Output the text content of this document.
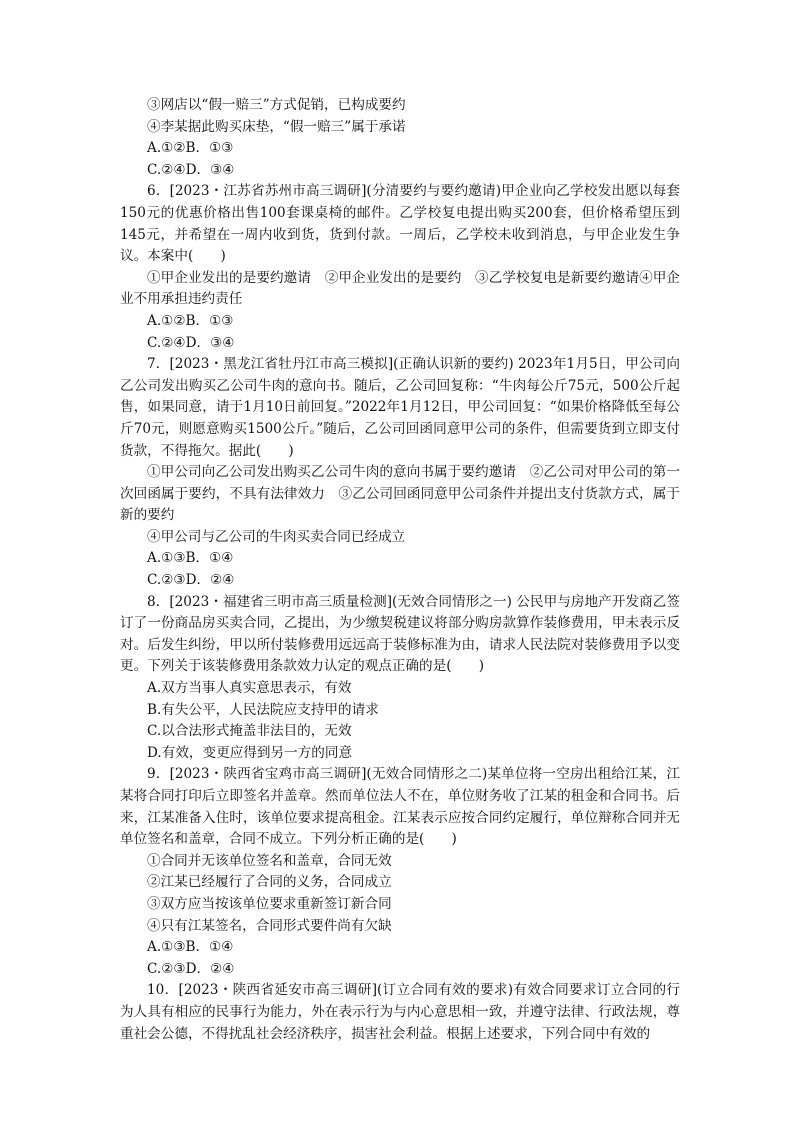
③网店以“假一赔三”方式促销，已构成要约
④李某据此购买床垫，“假一赔三”属于承诺
A.①②B．①③
C.②④D．③④

6．[2023・江苏省苏州市高三调研](分清要约与要约邀请)甲企业向乙学校发出愿以每套150元的优惠价格出售100套课桌椅的邮件。乙学校复电提出购买200套，但价格希望压到145元，并希望在一周内收到货，货到付款。一周后，乙学校未收到消息，与甲企业发生争议。本案中(　　)

①甲企业发出的是要约邀请　②甲企业发出的是要约　③乙学校复电是新要约邀请④甲企业不用承担违约责任

A.①②B．①③
C.②④D．③④

7．[2023・黑龙江省牡丹江市高三模拟](正确认识新的要约) 2023年1月5日，甲公司向乙公司发出购买乙公司牛肉的意向书。随后，乙公司回复称：“牛肉每公斤75元，500公斤起售，如果同意，请于1月10日前回复。”2022年1月12日，甲公司回复：“如果价格降低至每公斤70元，则愿意购买1500公斤。”随后，乙公司回函同意甲公司的条件，但需要货到立即支付货款，不得拖欠。据此(　　)

①甲公司向乙公司发出购买乙公司牛肉的意向书属于要约邀请　②乙公司对甲公司的第一次回函属于要约，不具有法律效力　③乙公司回函同意甲公司条件并提出支付货款方式，属于新的要约

④甲公司与乙公司的牛肉买卖合同已经成立
A.①③B．①④
C.②③D．②④

8．[2023・福建省三明市高三质量检测](无效合同情形之一) 公民甲与房地产开发商乙签订了一份商品房买卖合同，乙提出，为少缴契税建议将部分购房款算作装修费用，甲未表示反对。后发生纠纷，甲以所付装修费用远远高于装修标准为由，请求人民法院对装修费用予以变更。下列关于该装修费用条款效力认定的观点正确的是(　　)

A.双方当事人真实意思表示，有效
B.有失公平，人民法院应支持甲的请求
C.以合法形式掩盖非法目的，无效
D.有效，变更应得到另一方的同意

9．[2023・陕西省宝鸡市高三调研](无效合同情形之二)某单位将一空房出租给江某，江某将合同打印后立即签名并盖章。然而单位法人不在，单位财务收了江某的租金和合同书。后来，江某准备入住时，该单位要求提高租金。江某表示应按合同约定履行，单位辩称合同并无单位签名和盖章，合同不成立。下列分析正确的是(　　)

①合同并无该单位签名和盖章，合同无效
②江某已经履行了合同的义务，合同成立
③双方应当按该单位要求重新签订新合同
④只有江某签名，合同形式要件尚有欠缺
A.①③B．①④
C.②③D．②④

10．[2023・陕西省延安市高三调研](订立合同有效的要求)有效合同要求订立合同的行为人具有相应的民事行为能力，外在表示行为与内心意思相一致，并遵守法律、行政法规，尊重社会公德，不得扰乱社会经济秩序，损害社会利益。根据上述要求，下列合同中有效的
